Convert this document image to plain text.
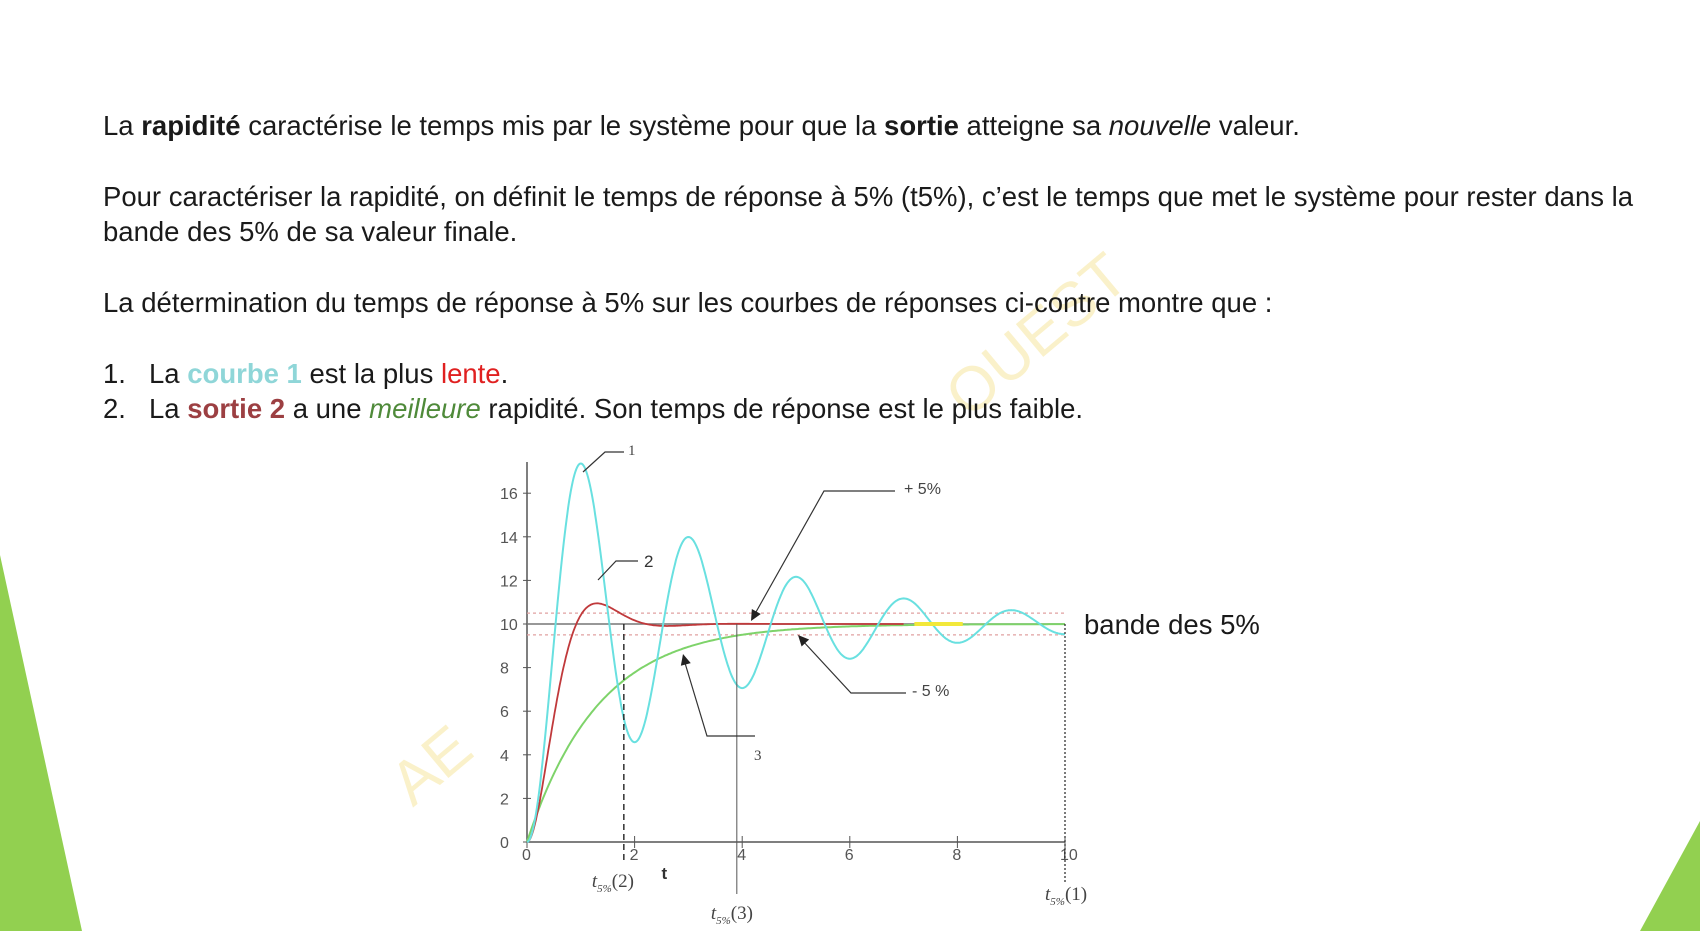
OUEST
AE

La rapidité caractérise le temps mis par le système pour que la sortie atteigne sa nouvelle valeur.

Pour caractériser la rapidité, on définit le temps de réponse à 5% (t5%), c’est le temps que met le système pour rester dans la bande des 5% de sa valeur finale.

La détermination du temps de réponse à 5% sur les courbes de réponses ci-contre montre que :

1. La courbe 1 est la plus lente.
2. La sortie 2 a une meilleure rapidité. Son temps de réponse est le plus faible.
0
2
4
6
8
10
12
14
16
0	2	4	6	8	10
t
$t_{5\%}(2)$
$t_{5\%}(3)$
$t_{5\%}(1)$
1
2
3
+ 5%
- 5 %
bande des 5%
